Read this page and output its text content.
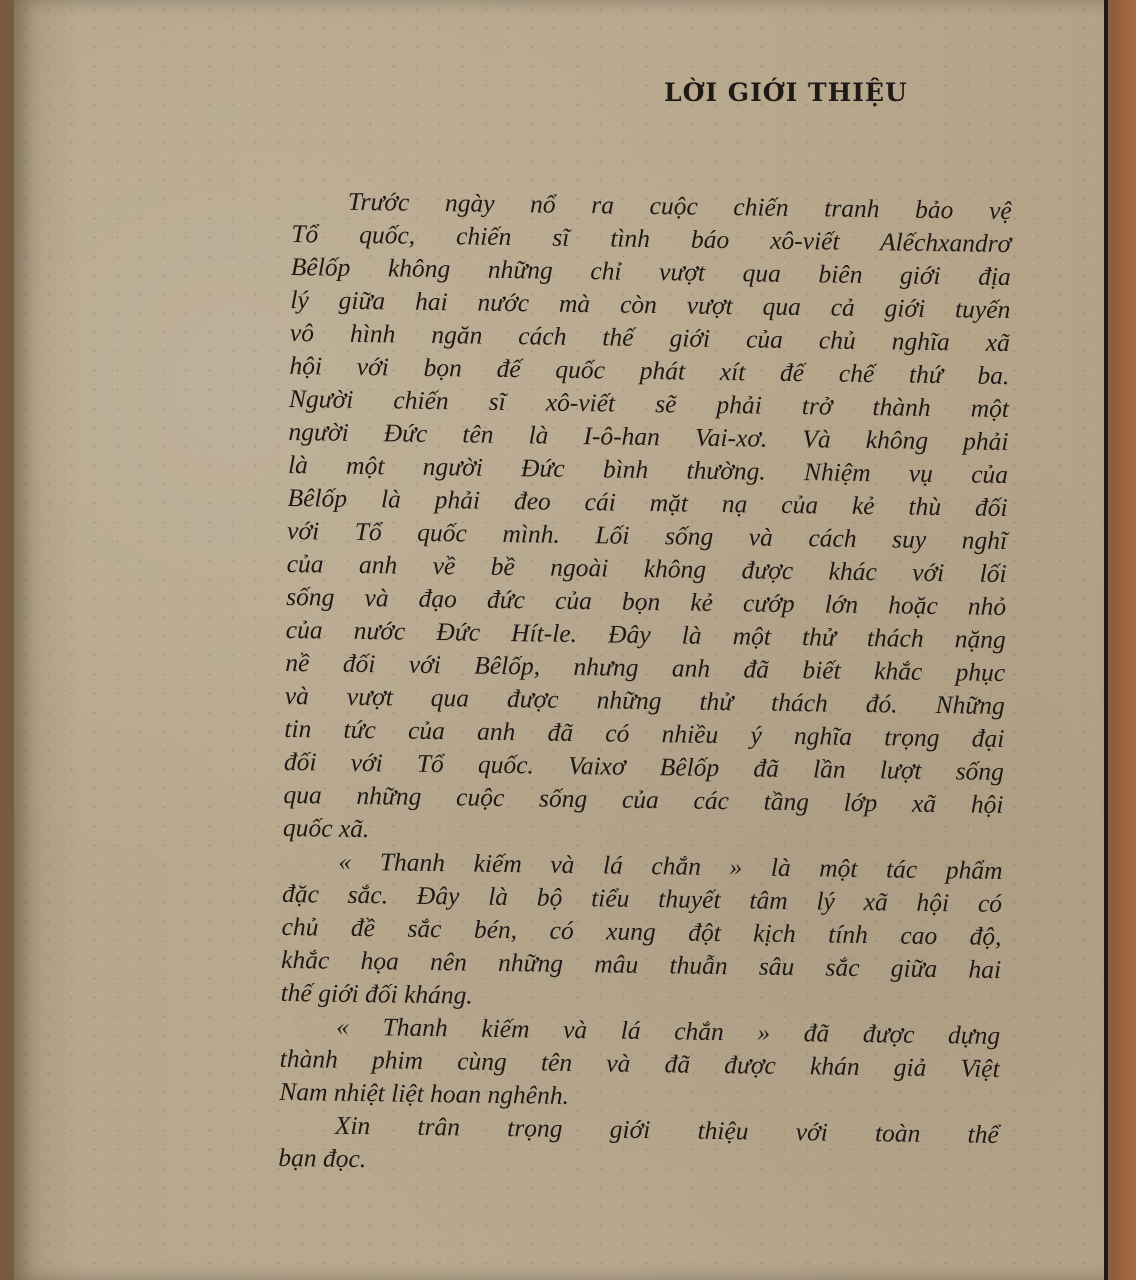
LỜI GIỚI THIỆU
Trước ngày nổ ra cuộc chiến tranh bảo vệ
Tổ quốc, chiến sĩ tình báo xô-viết Alếchxandrơ
Bêlốp không những chỉ vượt qua biên giới địa
lý giữa hai nước mà còn vượt qua cả giới tuyến
vô hình ngăn cách thế giới của chủ nghĩa xã
hội với bọn đế quốc phát xít đế chế thứ ba.
Người chiến sĩ xô-viết sẽ phải trở thành một
người Đức tên là I-ô-han Vai-xơ. Và không phải
là một người Đức bình thường. Nhiệm vụ của
Bêlốp là phải đeo cái mặt nạ của kẻ thù đối
với Tổ quốc mình. Lối sống và cách suy nghĩ
của anh về bề ngoài không được khác với lối
sống và đạo đức của bọn kẻ cướp lớn hoặc nhỏ
của nước Đức Hít-le. Đây là một thử thách nặng
nề đối với Bêlốp, nhưng anh đã biết khắc phục
và vượt qua được những thử thách đó. Những
tin tức của anh đã có nhiều ý nghĩa trọng đại
đối với Tổ quốc. Vaixơ Bêlốp đã lần lượt sống
qua những cuộc sống của các tầng lớp xã hội
quốc xã.
« Thanh kiếm và lá chắn » là một tác phẩm
đặc sắc. Đây là bộ tiểu thuyết tâm lý xã hội có
chủ đề sắc bén, có xung đột kịch tính cao độ,
khắc họa nên những mâu thuẫn sâu sắc giữa hai
thế giới đối kháng.
« Thanh kiếm và lá chắn » đã được dựng
thành phim cùng tên và đã được khán giả Việt
Nam nhiệt liệt hoan nghênh.
Xin trân trọng giới thiệu với toàn thể
bạn đọc.
